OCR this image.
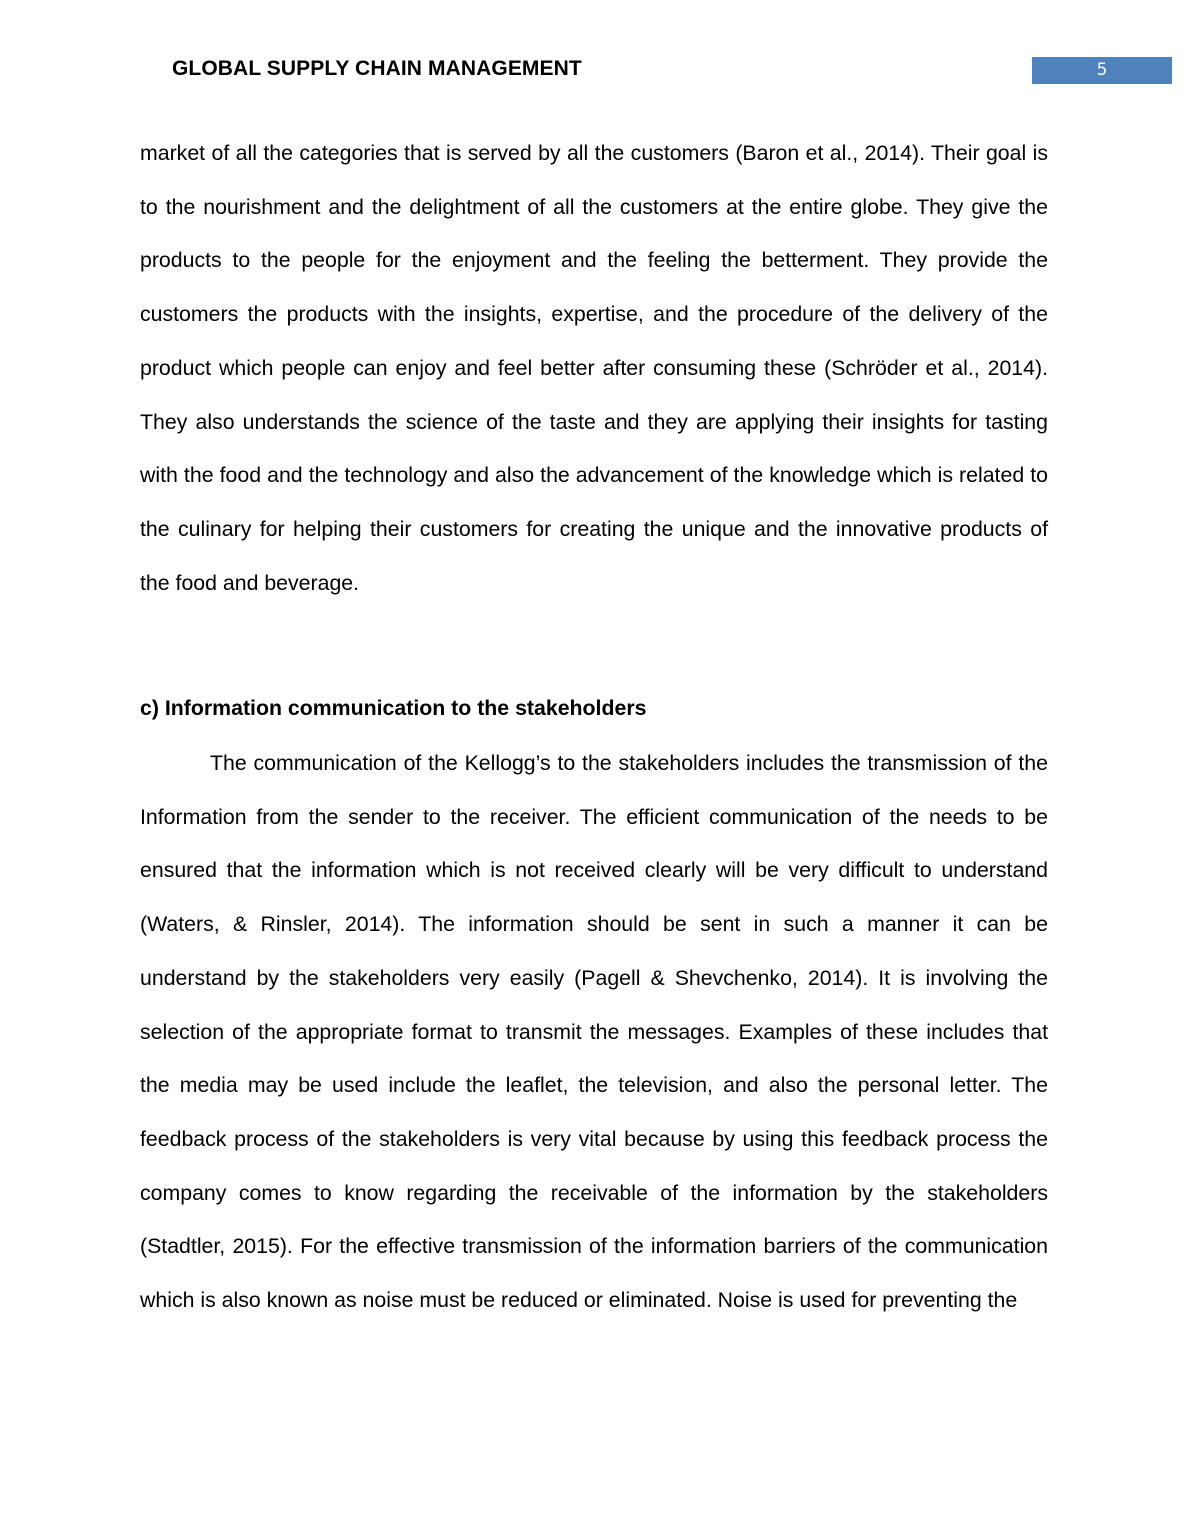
GLOBAL SUPPLY CHAIN MANAGEMENT	5

market of all the categories that is served by all the customers (Baron et al., 2014). Their goal is to the nourishment and the delightment of all the customers at the entire globe. They give the products to the people for the enjoyment and the feeling the betterment. They provide the customers the products with the insights, expertise, and the procedure of the delivery of the product which people can enjoy and feel better after consuming these (Schröder et al., 2014). They also understands the science of the taste and they are applying their insights for tasting with the food and the technology and also the advancement of the knowledge which is related to the culinary for helping their customers for creating the unique and the innovative products of the food and beverage.

c) Information communication to the stakeholders

The communication of the Kellogg’s to the stakeholders includes the transmission of the Information from the sender to the receiver. The efficient communication of the needs to be ensured that the information which is not received clearly will be very difficult to understand (Waters, & Rinsler, 2014). The information should be sent in such a manner it can be understand by the stakeholders very easily (Pagell & Shevchenko, 2014). It is involving the selection of the appropriate format to transmit the messages. Examples of these includes that the media may be used include the leaflet, the television, and also the personal letter. The feedback process of the stakeholders is very vital because by using this feedback process the company comes to know regarding the receivable of the information by the stakeholders (Stadtler, 2015). For the effective transmission of the information barriers of the communication which is also known as noise must be reduced or eliminated. Noise is used for preventing the
